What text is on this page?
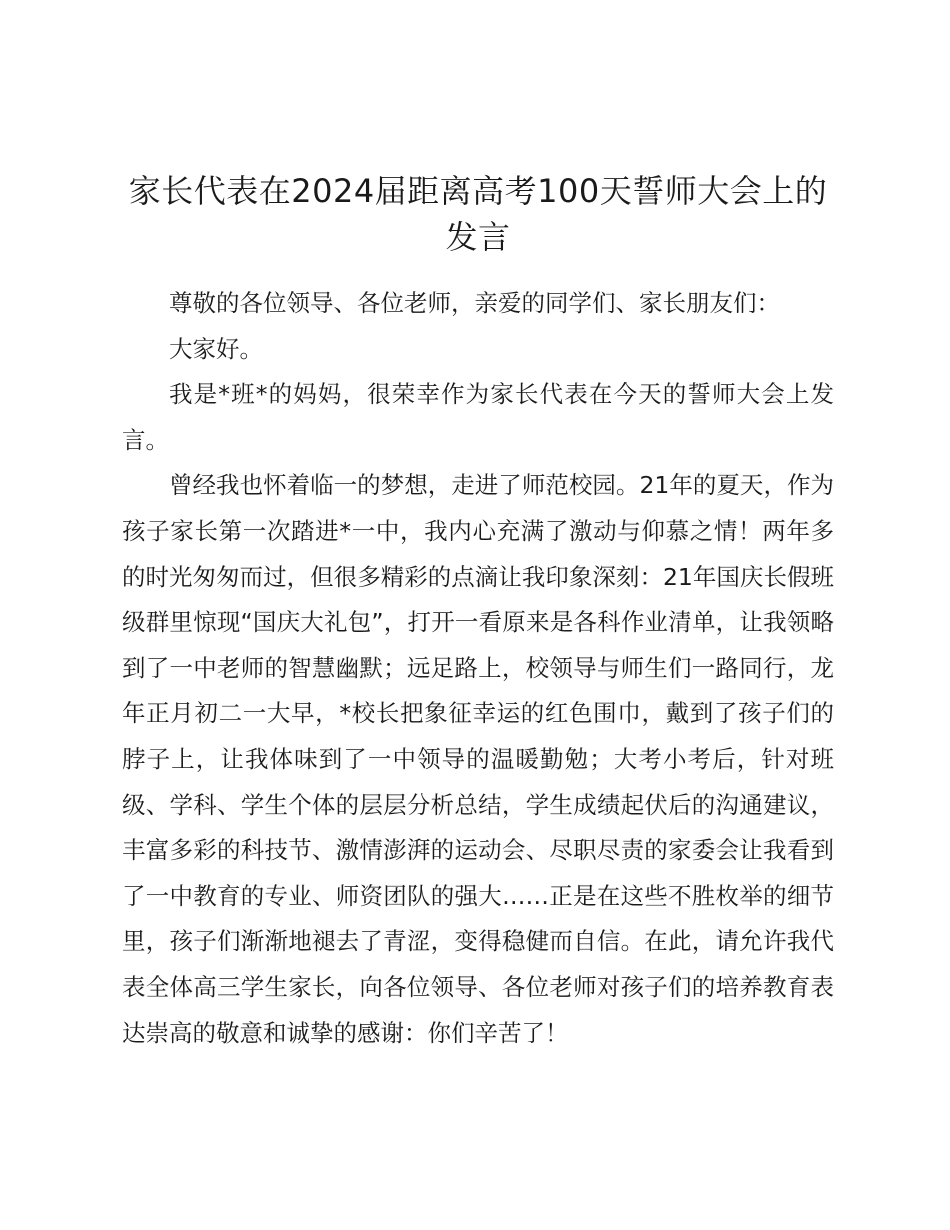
家长代表在2024届距离高考100天誓师大会上的发言

尊敬的各位领导、各位老师，亲爱的同学们、家长朋友们：

大家好。

我是*班*的妈妈，很荣幸作为家长代表在今天的誓师大会上发言。

曾经我也怀着临一的梦想，走进了师范校园。21年的夏天，作为孩子家长第一次踏进*一中，我内心充满了激动与仰慕之情！两年多的时光匆匆而过，但很多精彩的点滴让我印象深刻：21年国庆长假班级群里惊现“国庆大礼包”，打开一看原来是各科作业清单，让我领略到了一中老师的智慧幽默；远足路上，校领导与师生们一路同行，龙年正月初二一大早，*校长把象征幸运的红色围巾，戴到了孩子们的脖子上，让我体味到了一中领导的温暖勤勉；大考小考后，针对班级、学科、学生个体的层层分析总结，学生成绩起伏后的沟通建议，丰富多彩的科技节、激情澎湃的运动会、尽职尽责的家委会让我看到了一中教育的专业、师资团队的强大……正是在这些不胜枚举的细节里，孩子们渐渐地褪去了青涩，变得稳健而自信。在此，请允许我代表全体高三学生家长，向各位领导、各位老师对孩子们的培养教育表达崇高的敬意和诚挚的感谢：你们辛苦了！
